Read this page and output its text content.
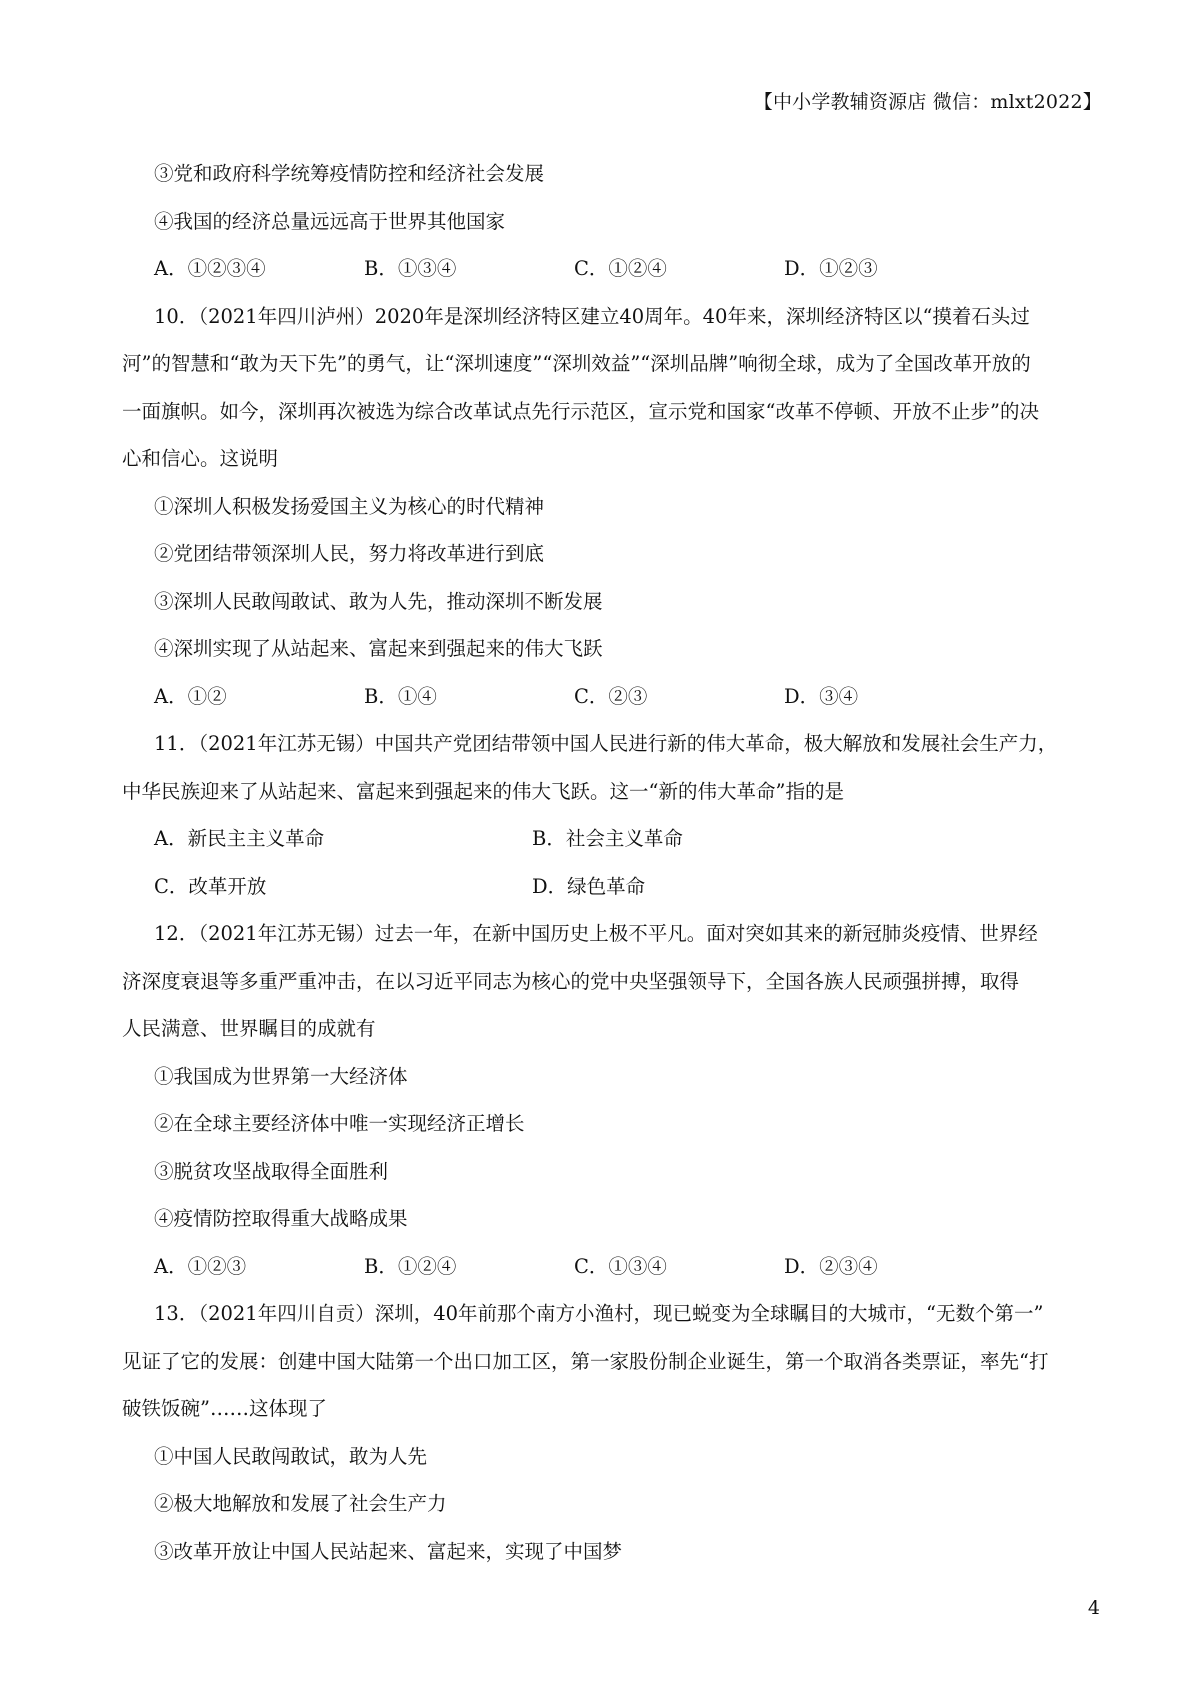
【中小学教辅资源店 微信：mlxt2022】
③党和政府科学统筹疫情防控和经济社会发展
④我国的经济总量远远高于世界其他国家
A．①②③④	B．①③④	C．①②④	D．①②③
10．（2021年四川泸州）2020年是深圳经济特区建立40周年。40年来，深圳经济特区以“摸着石头过
河”的智慧和“敢为天下先”的勇气，让“深圳速度”“深圳效益”“深圳品牌”响彻全球，成为了全国改革开放的
一面旗帜。如今，深圳再次被选为综合改革试点先行示范区，宣示党和国家“改革不停顿、开放不止步”的决
心和信心。这说明
①深圳人积极发扬爱国主义为核心的时代精神
②党团结带领深圳人民，努力将改革进行到底
③深圳人民敢闯敢试、敢为人先，推动深圳不断发展
④深圳实现了从站起来、富起来到强起来的伟大飞跃
A．①②	B．①④	C．②③	D．③④
11．（2021年江苏无锡）中国共产党团结带领中国人民进行新的伟大革命，极大解放和发展社会生产力，
中华民族迎来了从站起来、富起来到强起来的伟大飞跃。这一“新的伟大革命”指的是
A．新民主主义革命	B．社会主义革命
C．改革开放	D．绿色革命
12．（2021年江苏无锡）过去一年，在新中国历史上极不平凡。面对突如其来的新冠肺炎疫情、世界经
济深度衰退等多重严重冲击，在以习近平同志为核心的党中央坚强领导下，全国各族人民顽强拼搏，取得
人民满意、世界瞩目的成就有
①我国成为世界第一大经济体
②在全球主要经济体中唯一实现经济正增长
③脱贫攻坚战取得全面胜利
④疫情防控取得重大战略成果
A．①②③	B．①②④	C．①③④	D．②③④
13．（2021年四川自贡）深圳，40年前那个南方小渔村，现已蜕变为全球瞩目的大城市，“无数个第一”
见证了它的发展：创建中国大陆第一个出口加工区，第一家股份制企业诞生，第一个取消各类票证，率先“打
破铁饭碗”……这体现了
①中国人民敢闯敢试，敢为人先
②极大地解放和发展了社会生产力
③改革开放让中国人民站起来、富起来，实现了中国梦
4
